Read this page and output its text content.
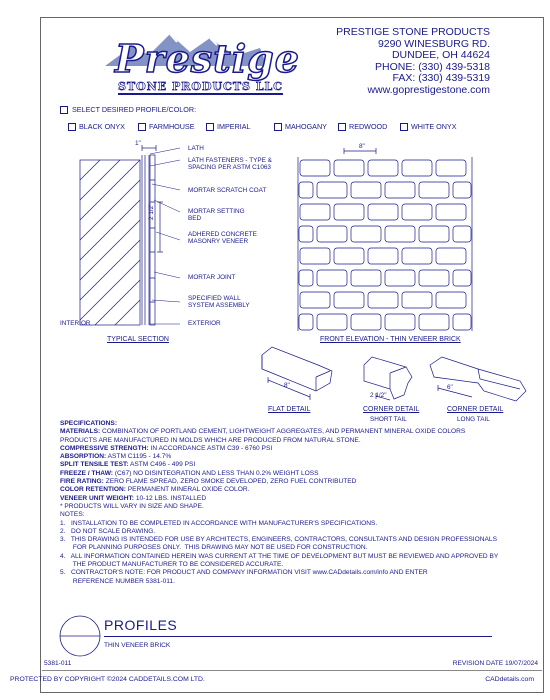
Prestige
STONE PRODUCTS LLC
PRESTIGE STONE PRODUCTS
9290 WINESBURG RD.
DUNDEE, OH 44624
PHONE: (330) 439-5318
FAX: (330) 439-5319
www.goprestigestone.com
SELECT DESIRED PROFILE/COLOR:
BLACK ONYX	FARMHOUSE	IMPERIAL	MAHOGANY	REDWOOD	WHITE ONYX
1"
2 1/2"
LATH
LATH FASTENERS - TYPE & SPACING PER ASTM C1063
MORTAR SCRATCH COAT
MORTAR SETTING BED
ADHERED CONCRETE MASONRY VENEER
MORTAR JOINT
SPECIFIED WALL SYSTEM ASSEMBLY
EXTERIOR
INTERIOR
TYPICAL SECTION
8"
FRONT ELEVATION - THIN VENEER BRICK
8"
FLAT DETAIL
2 1/2"
CORNER DETAIL
SHORT TAIL
6"
CORNER DETAIL
LONG TAIL
SPECIFICATIONS:
MATERIALS: COMBINATION OF PORTLAND CEMENT, LIGHTWEIGHT AGGREGATES, AND PERMANENT MINERAL OXIDE COLORS
PRODUCTS ARE MANUFACTURED IN MOLDS WHICH ARE PRODUCED FROM NATURAL STONE.
COMPRESSIVE STRENGTH: IN ACCORDANCE ASTM C39 - 6760 PSI
ABSORPTION: ASTM C1195 - 14.7%
SPLIT TENSILE TEST: ASTM C496 - 499 PSI
FREEZE / THAW: (C67) NO DISINTEGRATION AND LESS THAN 0.2% WEIGHT LOSS
FIRE RATING: ZERO FLAME SPREAD, ZERO SMOKE DEVELOPED, ZERO FUEL CONTRIBUTED
COLOR RETENTION: PERMANENT MINERAL OXIDE COLOR.
VENEER UNIT WEIGHT: 10-12 LBS. INSTALLED
* PRODUCTS WILL VARY IN SIZE AND SHAPE.
NOTES:
1.   INSTALLATION TO BE COMPLETED IN ACCORDANCE WITH MANUFACTURER'S SPECIFICATIONS.
2.   DO NOT SCALE DRAWING.
3.   THIS DRAWING IS INTENDED FOR USE BY ARCHITECTS, ENGINEERS, CONTRACTORS, CONSULTANTS AND DESIGN PROFESSIONALS
FOR PLANNING PURPOSES ONLY.  THIS DRAWING MAY NOT BE USED FOR CONSTRUCTION.
4.   ALL INFORMATION CONTAINED HEREIN WAS CURRENT AT THE TIME OF DEVELOPMENT BUT MUST BE REVIEWED AND APPROVED BY
THE PRODUCT MANUFACTURER TO BE CONSIDERED ACCURATE.
5.   CONTRACTOR'S NOTE: FOR PRODUCT AND COMPANY INFORMATION VISIT www.CADdetails.com/info AND ENTER
REFERENCE NUMBER 5381-011.
PROFILES
THIN VENEER BRICK
5381-011	REVISION DATE 19/07/2024
PROTECTED BY COPYRIGHT ©2024 CADDETAILS.COM LTD.	CADdetails.com
